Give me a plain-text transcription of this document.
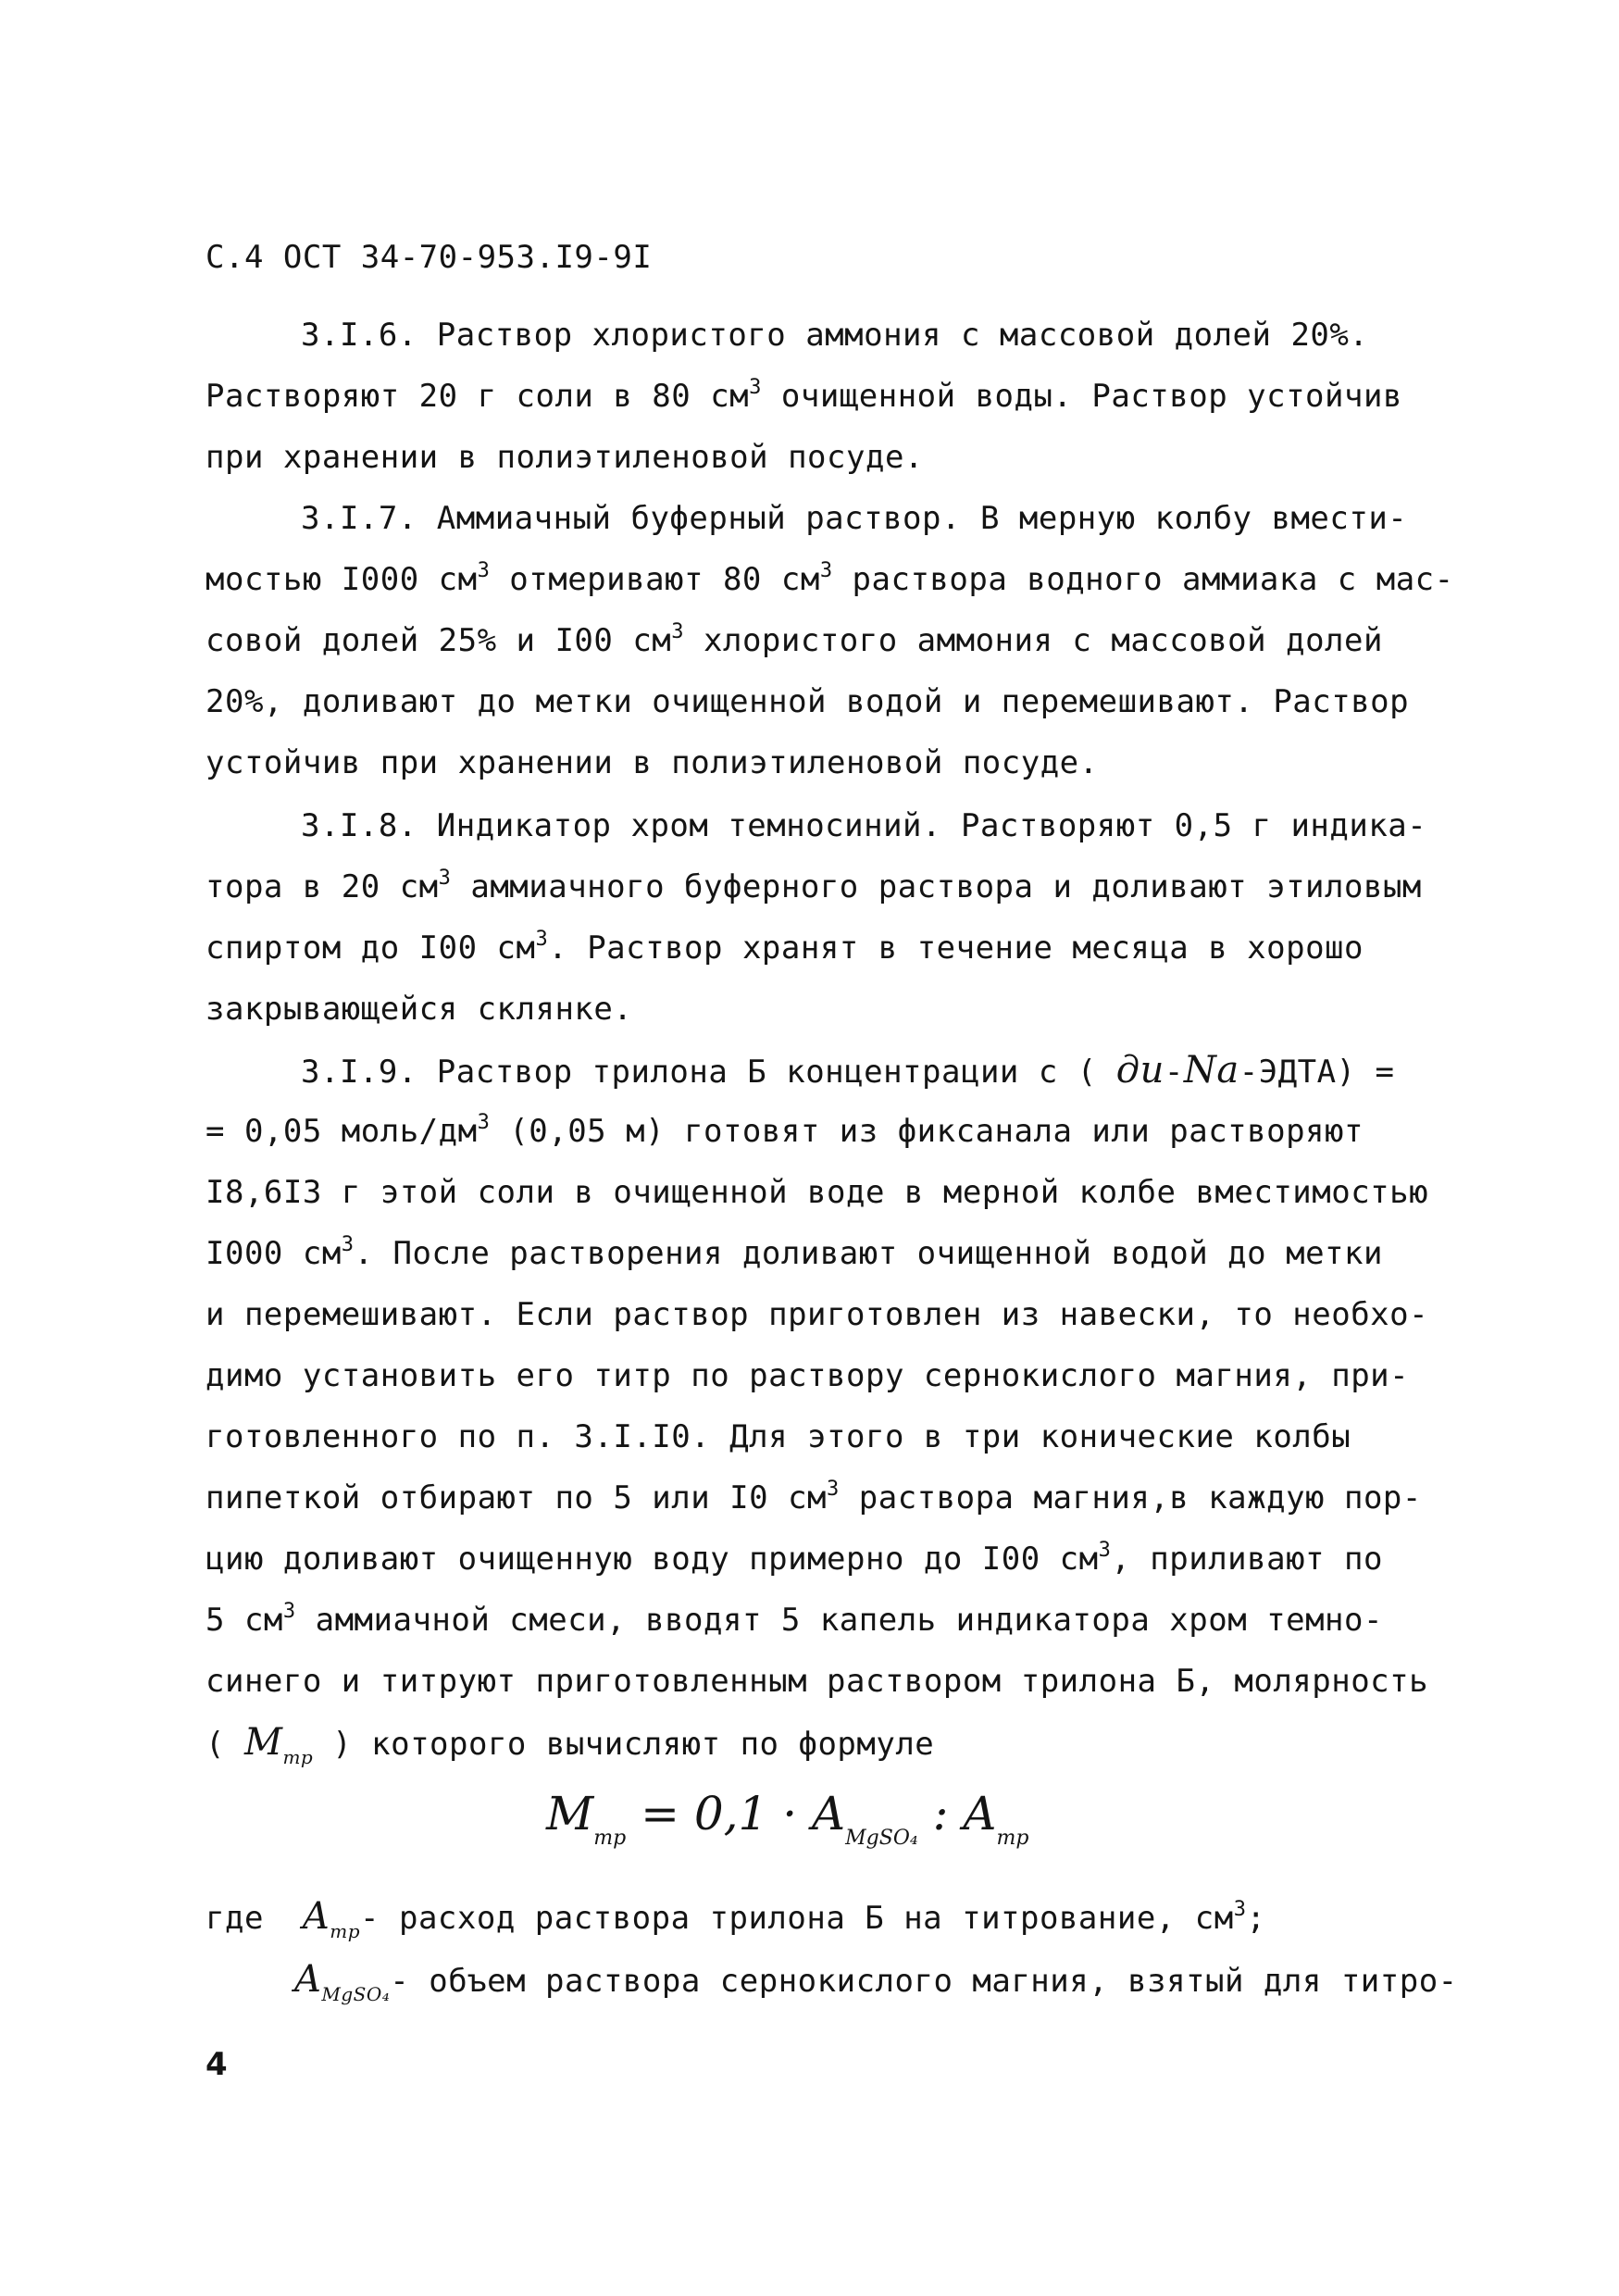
С.4 ОСТ 34-70-953.I9-9I
3.I.6. Раствор хлористого аммония с массовой долей 20%.
Растворяют 20 г соли в 80 $см^3$ очищенной воды. Раствор устойчив
при хранении в полиэтиленовой посуде.
3.I.7. Аммиачный буферный раствор. В мерную колбу вмести-
мостью I000 $см^3$ отмеривают 80 $см^3$ раствора водного аммиака с мас-
совой долей 25% и I00 $см^3$ хлористого аммония с массовой долей
20%, доливают до метки очищенной водой и перемешивают. Раствор
устойчив при хранении в полиэтиленовой посуде.
3.I.8. Индикатор хром темносиний. Растворяют 0,5 г индика-
тора в 20 $см^3$ аммиачного буферного раствора и доливают этиловым
спиртом до I00 $см^3$. Раствор хранят в течение месяца в хорошо
закрывающейся склянке.
3.I.9. Раствор трилона Б концентрации с ( ди-Na-ЭДТА) =
= 0,05 моль/$дм^3$ (0,05 м) готовят из фиксанала или растворяют
I8,6I3 г этой соли в очищенной воде в мерной колбе вместимостью
I000 $см^3$. После растворения доливают очищенной водой до метки
и перемешивают. Если раствор приготовлен из навески, то необхо-
димо установить его титр по раствору сернокислого магния, при-
готовленного по п. 3.I.I0. Для этого в три конические колбы
пипеткой отбирают по 5 или I0 $см^3$ раствора магния,в каждую пор-
цию доливают очищенную воду примерно до I00 $см^3$, приливают по
5 $см^3$ аммиачной смеси, вводят 5 капель индикатора хром темно-
синего и титруют приготовленным раствором трилона Б, молярность
( $М_{тр}$ ) которого вычисляют по формуле
$М_{тр} = 0,1 \cdot A_{MgSO_4}$ : $A_{тр}$
где $A_{тр}-$ расход раствора трилона Б на титрование, $см^3$;
$A_{MgSO_4}-$ объем раствора сернокислого магния, взятый для титро-
4
